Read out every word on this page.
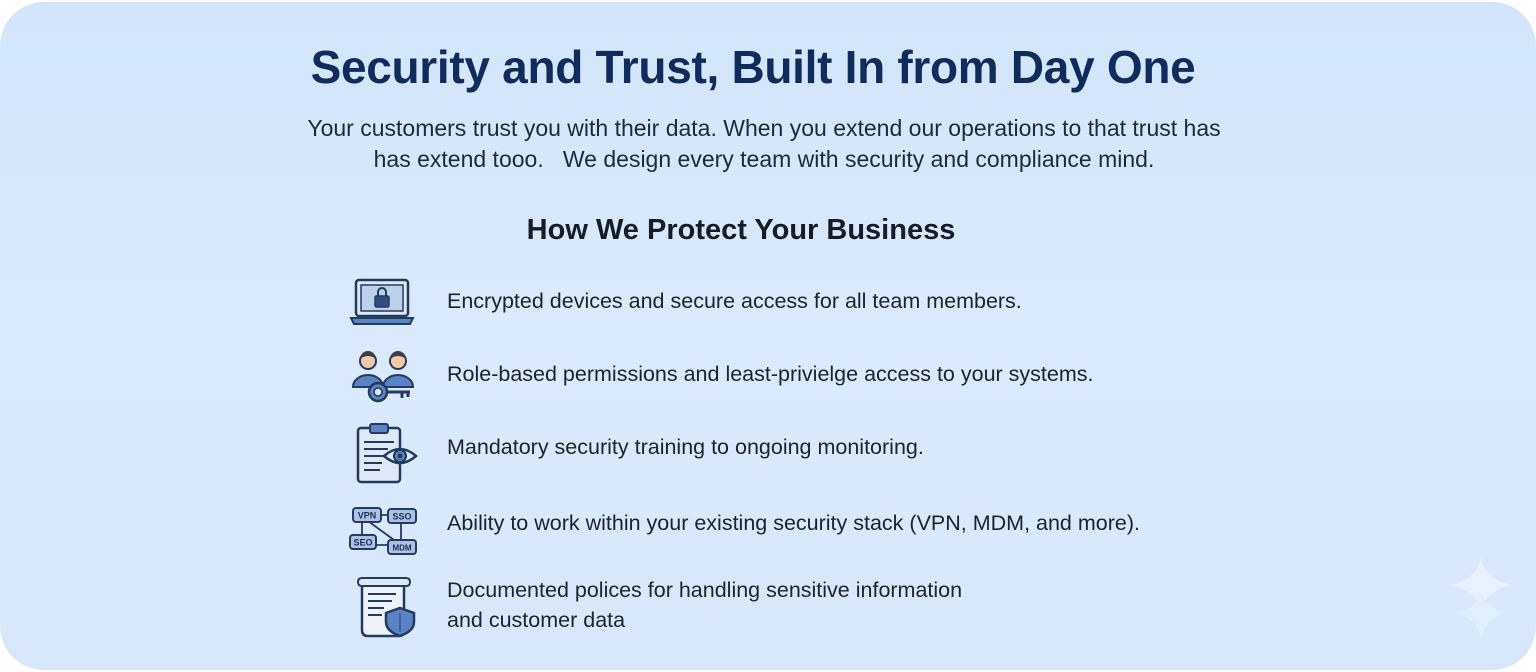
Security and Trust, Built In from Day One
Your customers trust you with their data. When you extend our operations to that trust has
has extend tooo.   We design every team with security and compliance mind.
How We Protect Your Business
Encrypted devices and secure access for all team members.
Role-based permissions and least-privielge access to your systems.
Mandatory security training to ongoing monitoring.
VPN SSO
SEO
MDM
Ability to work within your existing security stack (VPN, MDM, and more).
Documented polices for handling sensitive information
and customer data
